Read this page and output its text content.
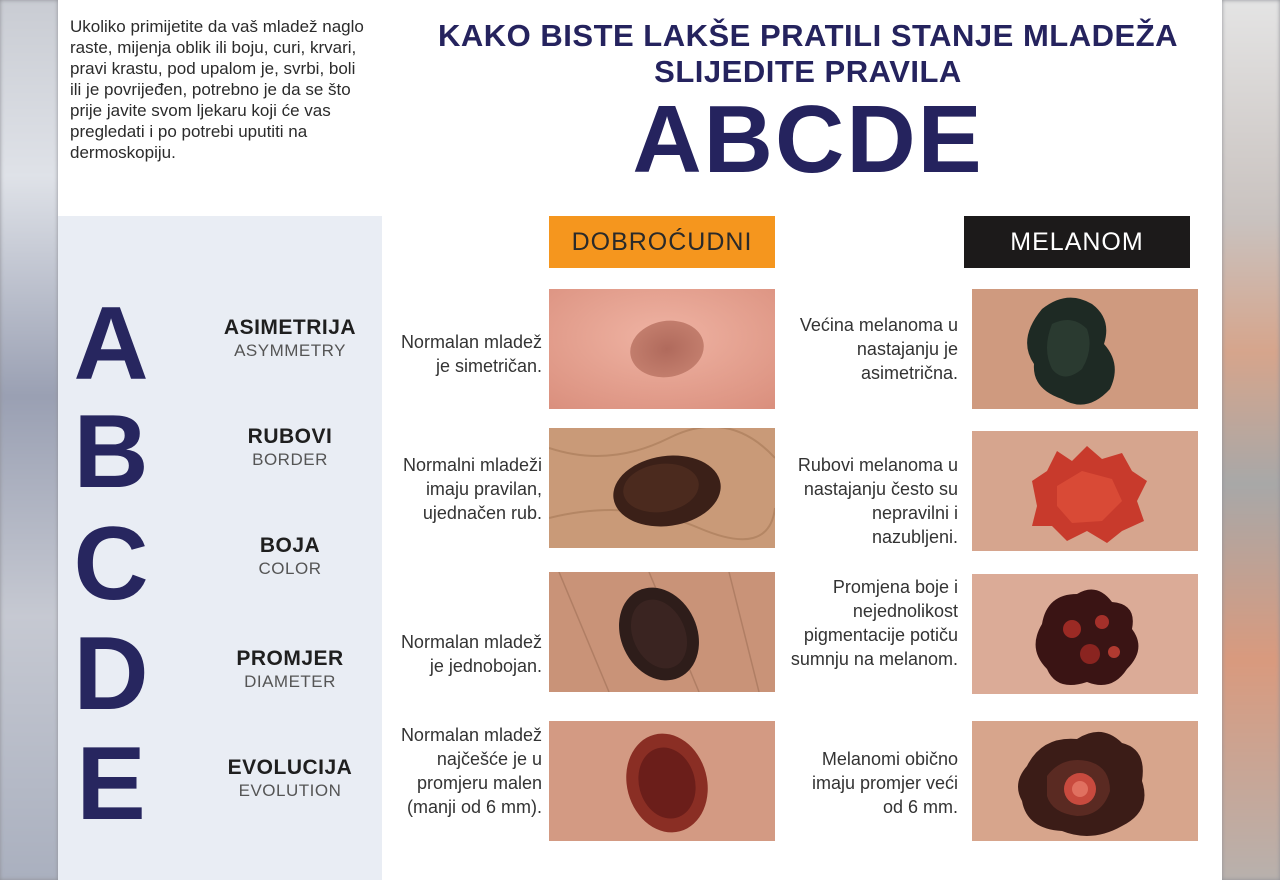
Ukoliko primijetite da vaš mladež naglo raste, mijenja oblik ili boju, curi, krvari, pravi krastu, pod upalom je, svrbi, boli ili je povrijeđen, potrebno je da se što prije javite svom ljekaru koji će vas pregledati i po potrebi uputiti na dermoskopiju.

KAKO BISTE LAKŠE PRATILI STANJE MLADEŽA
SLIJEDITE PRAVILA
ABCDE
A
B
C
D
E
ASIMETRIJA
ASYMMETRY
RUBOVI
BORDER
BOJA
COLOR
PROMJER
DIAMETER
EVOLUCIJA
EVOLUTION
DOBROĆUDNI	MELANOM

Normalan mladež je simetričan.

Normalni mladeži imaju pravilan, ujednačen rub.

Normalan mladež je jednobojan.

Normalan mladež najčešće je u promjeru malen (manji od 6 mm).

Većina melanoma u nastajanju je asimetrična.

Rubovi melanoma u nastajanju često su nepravilni i nazubljeni.

Promjena boje i nejednolikost pigmentacije potiču sumnju na melanom.

Melanomi obično imaju promjer veći od 6 mm.
